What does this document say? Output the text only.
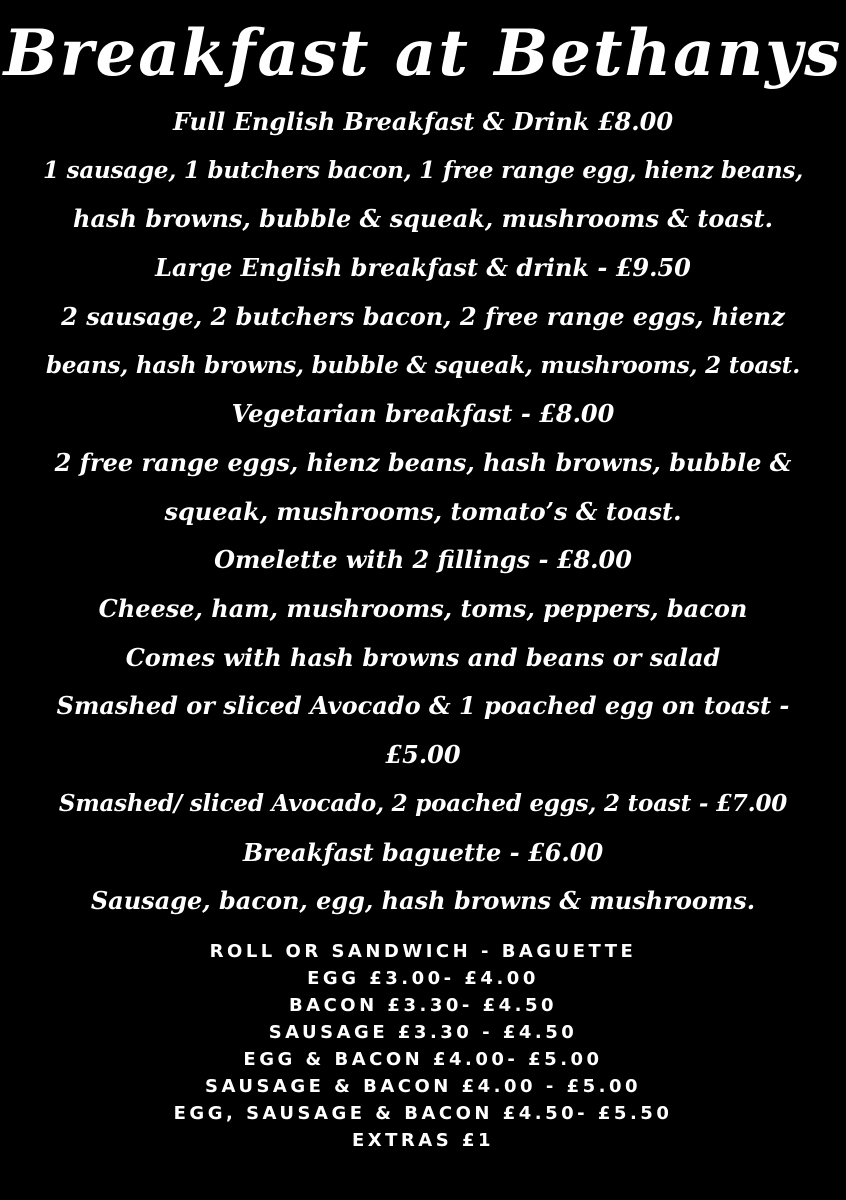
Breakfast at Bethanys
Full English Breakfast & Drink £8.00
1 sausage, 1 butchers bacon, 1 free range egg, hienz beans,
hash browns, bubble & squeak, mushrooms & toast.
Large English breakfast & drink - £9.50
2 sausage, 2 butchers bacon, 2 free range eggs, hienz
beans, hash browns, bubble & squeak, mushrooms, 2 toast.
Vegetarian breakfast - £8.00
2 free range eggs, hienz beans, hash browns, bubble &
squeak, mushrooms, tomato’s & toast.
Omelette with 2 fillings - £8.00
Cheese, ham, mushrooms, toms, peppers, bacon
Comes with hash browns and beans or salad
Smashed or sliced Avocado & 1 poached egg on toast -
£5.00
Smashed/ sliced Avocado, 2 poached eggs, 2 toast - £7.00
Breakfast baguette - £6.00
Sausage, bacon, egg, hash browns & mushrooms.
ROLL OR SANDWICH - BAGUETTE
EGG £3.00- £4.00
BACON £3.30- £4.50
SAUSAGE £3.30 - £4.50
EGG & BACON £4.00- £5.00
SAUSAGE & BACON £4.00 - £5.00
EGG, SAUSAGE & BACON £4.50- £5.50
EXTRAS £1
